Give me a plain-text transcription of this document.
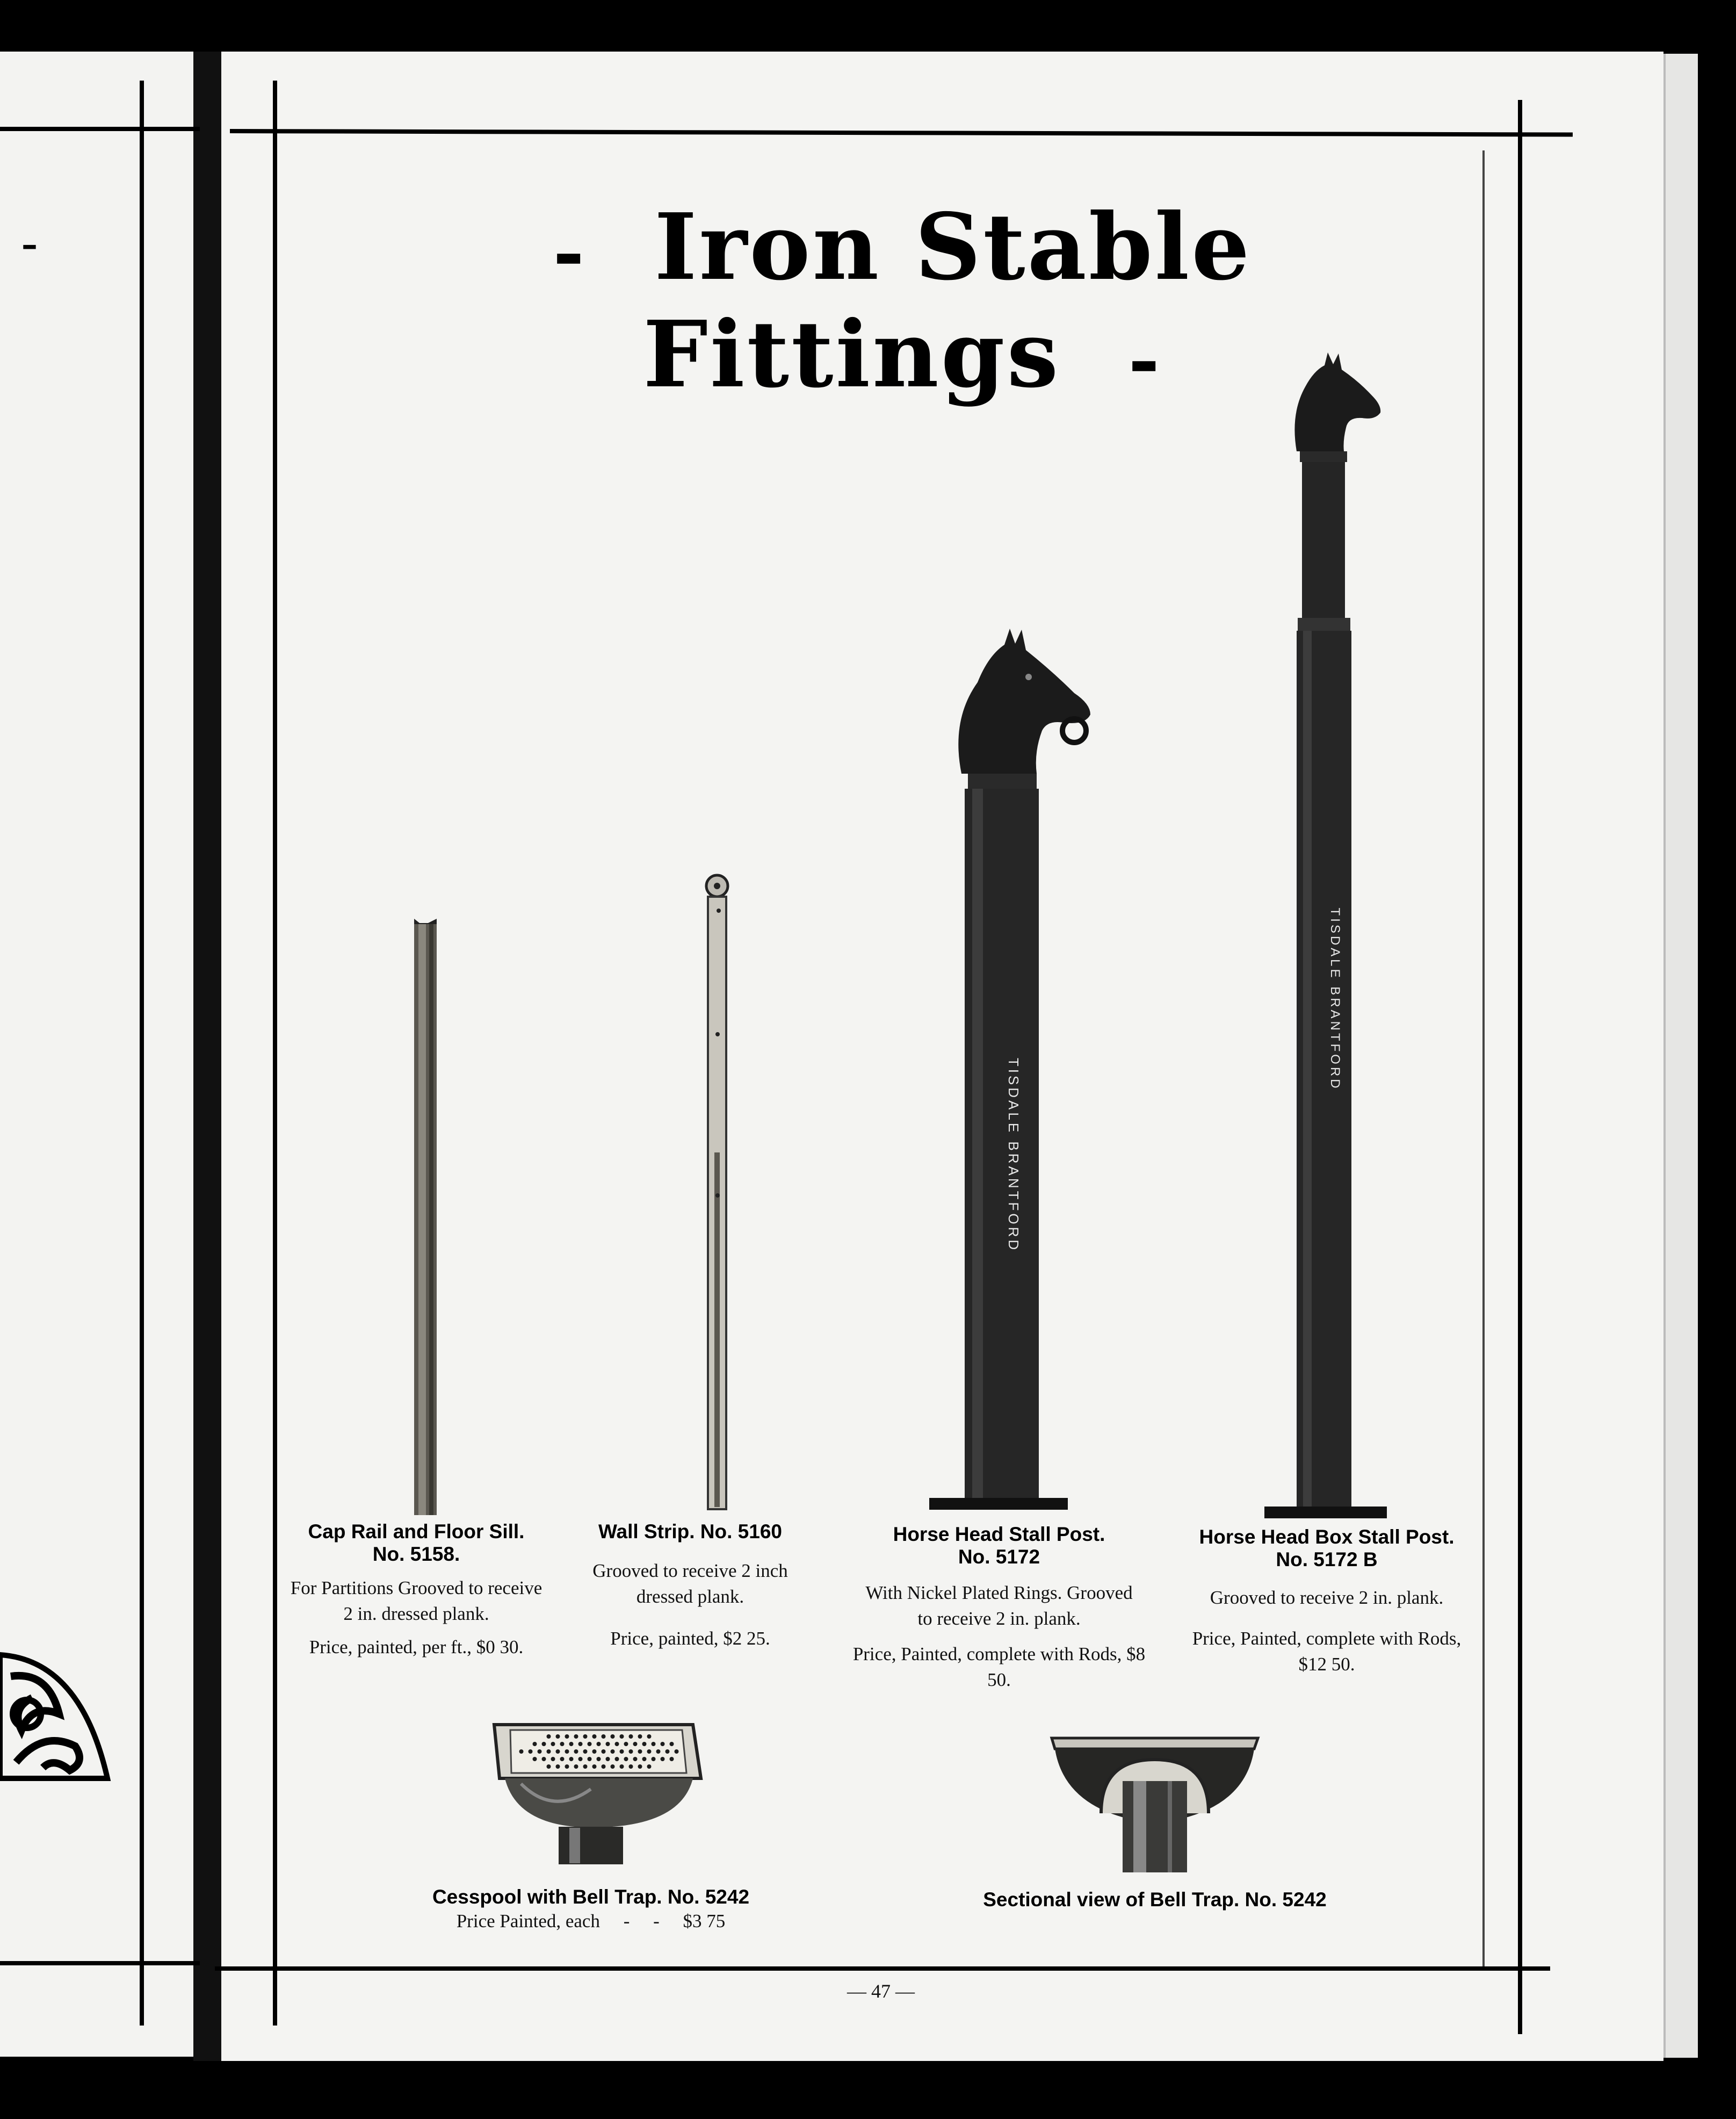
-	- Iron Stable Fittings -
TISDALE BRANTFORD
TISDALE BRANTFORD
Cap Rail and Floor Sill.
No. 5158.
For Partitions Grooved to receive 2 in. dressed plank.
Price, painted, per ft., $0 30.
Wall Strip. No. 5160
Grooved to receive 2 inch dressed plank.
Price, painted, $2 25.
Horse Head Stall Post.
No. 5172
With Nickel Plated Rings. Grooved to receive 2 in. plank.
Price, Painted, complete with Rods, $8 50.
Horse Head Box Stall Post.
No. 5172 B
Grooved to receive 2 in. plank.
Price, Painted, complete with Rods, $12 50.
Cesspool with Bell Trap. No. 5242
Price Painted, each     -     -     $3 75
Sectional view of Bell Trap. No. 5242
— 47 —
